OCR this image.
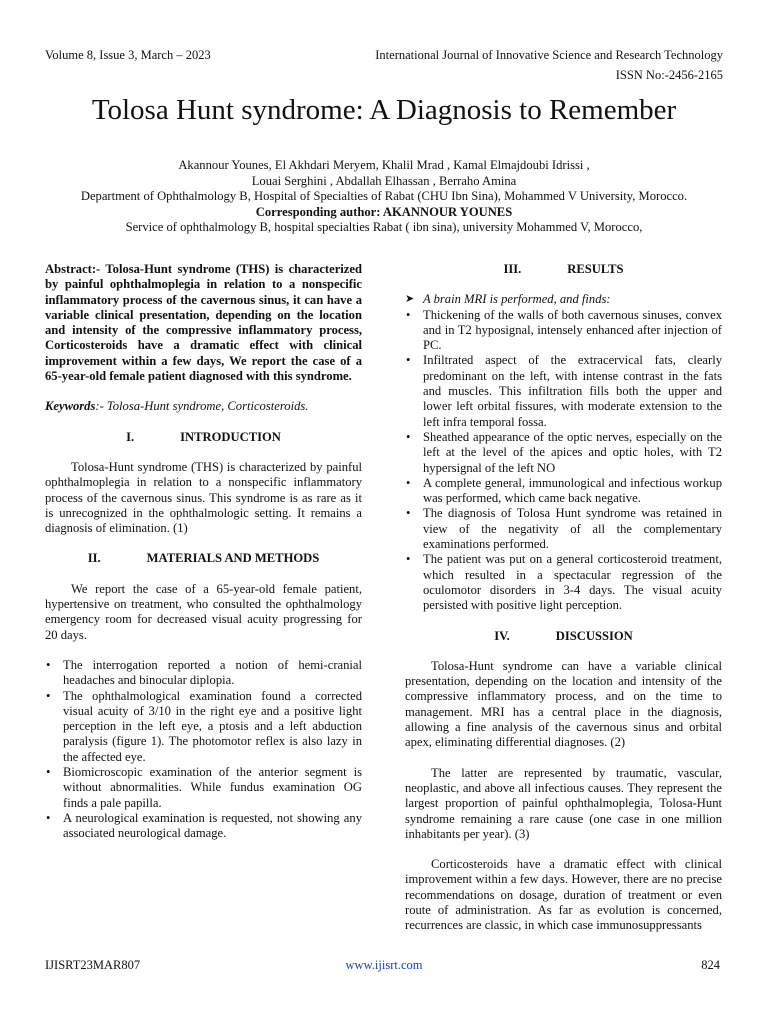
Volume 8, Issue 3, March – 2023	International Journal of Innovative Science and Research Technology
ISSN No:-2456-2165
Tolosa Hunt syndrome: A Diagnosis to Remember
Akannour Younes, El Akhdari Meryem, Khalil Mrad , Kamal Elmajdoubi Idrissi ,
Louai Serghini , Abdallah Elhassan , Berraho Amina
Department of Ophthalmology B, Hospital of Specialties of Rabat (CHU Ibn Sina), Mohammed V University, Morocco.
Corresponding author: AKANNOUR YOUNES
Service of ophthalmology B, hospital specialties Rabat ( ibn sina), university Mohammed V, Morocco,

Abstract:- Tolosa-Hunt syndrome (THS) is characterized by painful ophthalmoplegia in relation to a nonspecific inflammatory process of the cavernous sinus, it can have a variable clinical presentation, depending on the location and intensity of the compressive inflammatory process, Corticosteroids have a dramatic effect with clinical improvement within a few days, We report the case of a 65-year-old female patient diagnosed with this syndrome.

Keywords:- Tolosa-Hunt syndrome, Corticosteroids.

I.	INTRODUCTION

Tolosa-Hunt syndrome (THS) is characterized by painful ophthalmoplegia in relation to a nonspecific inflammatory process of the cavernous sinus. This syndrome is as rare as it is unrecognized in the ophthalmologic setting. It remains a diagnosis of elimination. (1)

II.	MATERIALS AND METHODS

We report the case of a 65-year-old female patient, hypertensive on treatment, who consulted the ophthalmology emergency room for decreased visual acuity progressing for 20 days.

• The interrogation reported a notion of hemi-cranial headaches and binocular diplopia.
• The ophthalmological examination found a corrected visual acuity of 3/10 in the right eye and a positive light perception in the left eye, a ptosis and a left abduction paralysis (figure 1). The photomotor reflex is also lazy in the affected eye.
• Biomicroscopic examination of the anterior segment is without abnormalities. While fundus examination OG finds a pale papilla.
• A neurological examination is requested, not showing any associated neurological damage.
III.	RESULTS
➤ A brain MRI is performed, and finds:
• Thickening of the walls of both cavernous sinuses, convex and in T2 hyposignal, intensely enhanced after injection of PC.
• Infiltrated aspect of the extracervical fats, clearly predominant on the left, with intense contrast in the fats and muscles. This infiltration fills both the upper and lower left orbital fissures, with moderate extension to the left infra temporal fossa.
• Sheathed appearance of the optic nerves, especially on the left at the level of the apices and optic holes, with T2 hypersignal of the left NO
• A complete general, immunological and infectious workup was performed, which came back negative.
• The diagnosis of Tolosa Hunt syndrome was retained in view of the negativity of all the complementary examinations performed.
• The patient was put on a general corticosteroid treatment, which resulted in a spectacular regression of the oculomotor disorders in 3-4 days. The visual acuity persisted with positive light perception.
IV.	DISCUSSION

Tolosa-Hunt syndrome can have a variable clinical presentation, depending on the location and intensity of the compressive inflammatory process, and on the time to management. MRI has a central place in the diagnosis, allowing a fine analysis of the cavernous sinus and orbital apex, eliminating differential diagnoses. (2)

The latter are represented by traumatic, vascular, neoplastic, and above all infectious causes. They represent the largest proportion of painful ophthalmoplegia, Tolosa-Hunt syndrome remaining a rare cause (one case in one million inhabitants per year). (3)

Corticosteroids have a dramatic effect with clinical improvement within a few days. However, there are no precise recommendations on dosage, duration of treatment or even route of administration. As far as evolution is concerned, recurrences are classic, in which case immunosuppressants

IJISRT23MAR807	www.ijisrt.com	824
